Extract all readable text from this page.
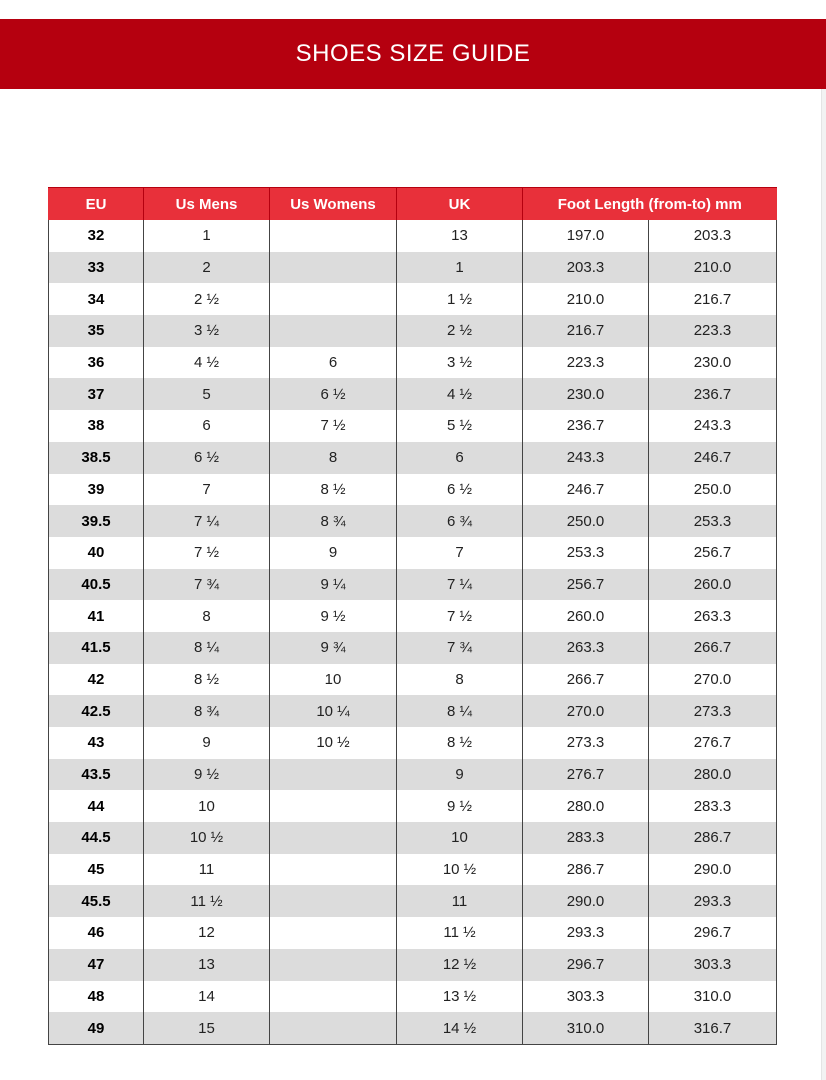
SHOES SIZE GUIDE
EU	Us Mens	Us Womens	UK	Foot Length (from-to) mm	
32	1		13	197.0	203.3
33	2		1	203.3	210.0
34	2 ½		1 ½	210.0	216.7
35	3 ½		2 ½	216.7	223.3
36	4 ½	6	3 ½	223.3	230.0
37	5	6 ½	4 ½	230.0	236.7
38	6	7 ½	5 ½	236.7	243.3
38.5	6 ½	8	6	243.3	246.7
39	7	8 ½	6 ½	246.7	250.0
39.5	7 ¼	8 ¾	6 ¾	250.0	253.3
40	7 ½	9	7	253.3	256.7
40.5	7 ¾	9 ¼	7 ¼	256.7	260.0
41	8	9 ½	7 ½	260.0	263.3
41.5	8 ¼	9 ¾	7 ¾	263.3	266.7
42	8 ½	10	8	266.7	270.0
42.5	8 ¾	10 ¼	8 ¼	270.0	273.3
43	9	10 ½	8 ½	273.3	276.7
43.5	9 ½		9	276.7	280.0
44	10		9 ½	280.0	283.3
44.5	10 ½		10	283.3	286.7
45	11		10 ½	286.7	290.0
45.5	11 ½		11	290.0	293.3
46	12		11 ½	293.3	296.7
47	13		12 ½	296.7	303.3
48	14		13 ½	303.3	310.0
49	15		14 ½	310.0	316.7
